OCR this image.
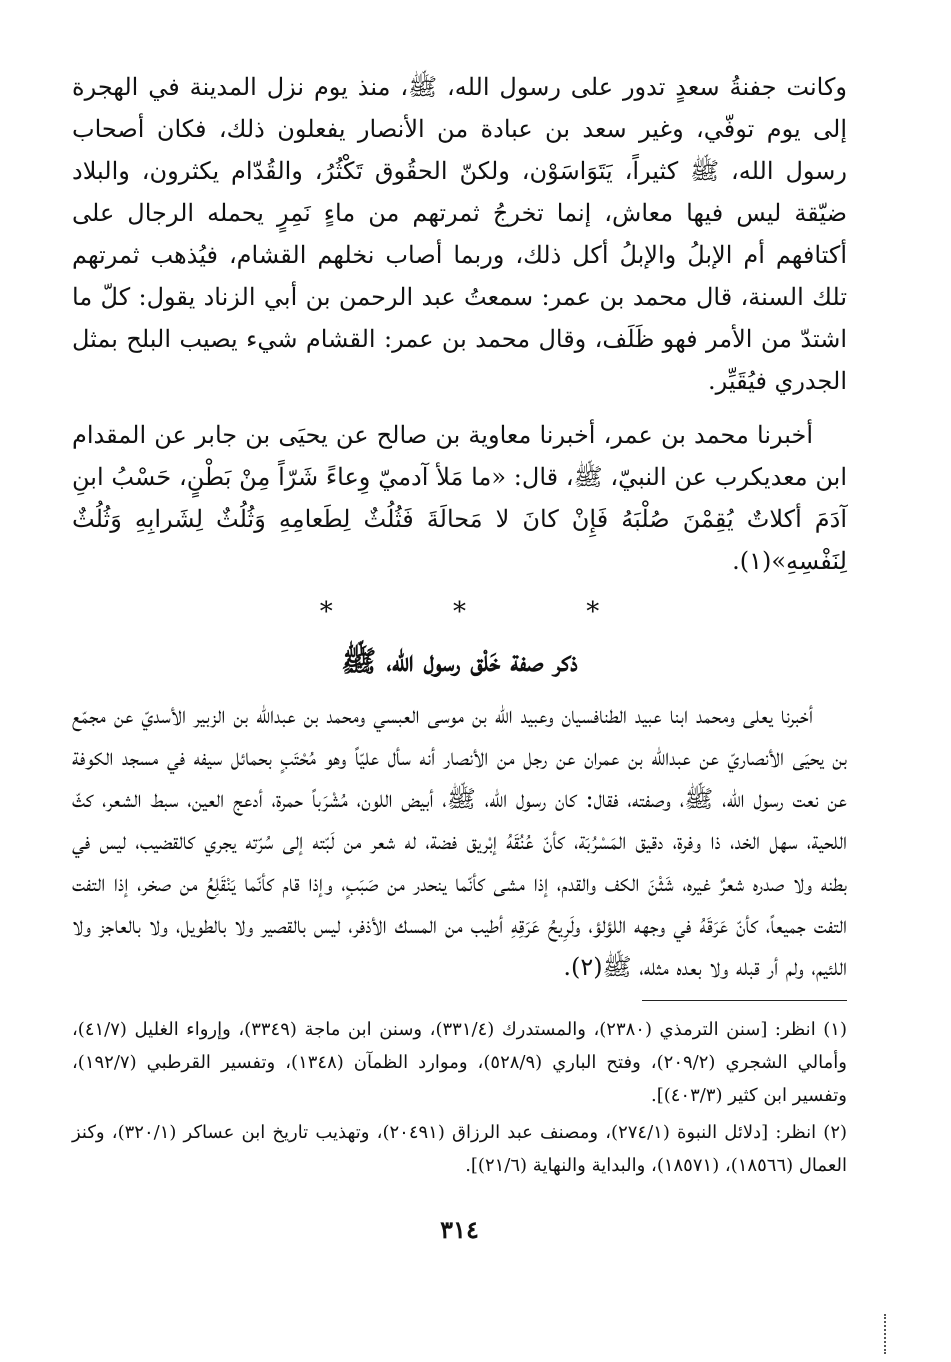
وكانت جفنةُ سعدٍ تدور على رسول الله، ﷺ، منذ يوم نزل المدينة في الهجرة إلى يوم توفّي، وغير سعد بن عبادة من الأنصار يفعلون ذلك، فكان أصحاب رسول الله، ﷺ كثيراً، يَتَوَاسَوْن، ولكنّ الحقُوق تَكْثُرُ، والقُدّام يكثرون، والبلاد ضيّقة ليس فيها معاش، إنما تخرجُ ثمرتهم من ماءٍ نَمِرٍ يحمله الرجال على أكتافهم أم الإبلُ والإبلُ أكل ذلك، وربما أصاب نخلهم القشام، فيُذهب ثمرتهم تلك السنة، قال محمد بن عمر: سمعتُ عبد الرحمن بن أبي الزناد يقول: كلّ ما اشتدّ من الأمر فهو ظَلَف، وقال محمد بن عمر: القشام شيء يصيب البلح بمثل الجدري فيُقَيِّر.

أخبرنا محمد بن عمر، أخبرنا معاوية بن صالح عن يحيَى بن جابر عن المقدام ابن معديكرب عن النبيّ، ﷺ، قال: «ما مَلأ آدميّ وِعاءً شَرّاً مِنْ بَطْنٍ، حَسْبُ ابنِ آدَمَ أكلاتٌ يُقِمْنَ صُلْبَهُ فَإِنْ كانَ لا مَحالَةَ فَثُلُثٌ لِطَعامِهِ وَثُلُثٌ لِشَرابِهِ وَثُلُثٌ لِنَفْسِهِ»(١).

* * *
ذكر صفة خَلْق رسول الله، ﷺ

أخبرنا يعلى ومحمد ابنا عبيد الطنافسيان وعبيد الله بن موسى العبسي ومحمد بن عبدالله بن الزبير الأسديّ عن مجمّع بن يحيَى الأنصاريّ عن عبدالله بن عمران عن رجل من الأنصار أنه سأل عليّاً وهو مُحْتَبٍ بحمائل سيفه في مسجد الكوفة عن نعت رسول الله، ﷺ، وصفته، فقال: كان رسول الله، ﷺ، أبيض اللون، مُشْرَباً حمرة، أدعج العين، سبط الشعر، كثّ اللحية، سهل الخد، ذا وفرة، دقيق المَسْرُبَة، كأنّ عُنُقَهُ إبْريق فضة، له شعر من لَبّته إلى سُرّته يجري كالقضيب، ليس في بطنه ولا صدره شعرٌ غيره، شَثْنَ الكف والقدم، إذا مشى كأنّما ينحدر من صَبَبٍ، وإذا قام كأنّما يَنْقَلِعُ من صخر، إذا التفت التفت جميعاً، كأنّ عَرَقَهُ في وجهه اللؤلؤ، ولَرِيحُ عَرَقِهِ أطيب من المسك الأذفر، ليس بالقصير ولا بالطويل، ولا بالعاجز ولا اللئيم، ولم أر قبله ولا بعده مثله، ﷺ(٢).

(١) انظر: [سنن الترمذي (٢٣٨٠)، والمستدرك (٣٣١/٤)، وسنن ابن ماجة (٣٣٤٩)، وإرواء الغليل (٤١/٧)، وأمالي الشجري (٢٠٩/٢)، وفتح الباري (٥٢٨/٩)، وموارد الظمآن (١٣٤٨)، وتفسير القرطبي (١٩٢/٧)، وتفسير ابن كثير (٤٠٣/٣)].

(٢) انظر: [دلائل النبوة (٢٧٤/١)، ومصنف عبد الرزاق (٢٠٤٩١)، وتهذيب تاريخ ابن عساكر (٣٢٠/١)، وكنز العمال (١٨٥٦٦)، (١٨٥٧١)، والبداية والنهاية (٢١/٦)].

٣١٤
